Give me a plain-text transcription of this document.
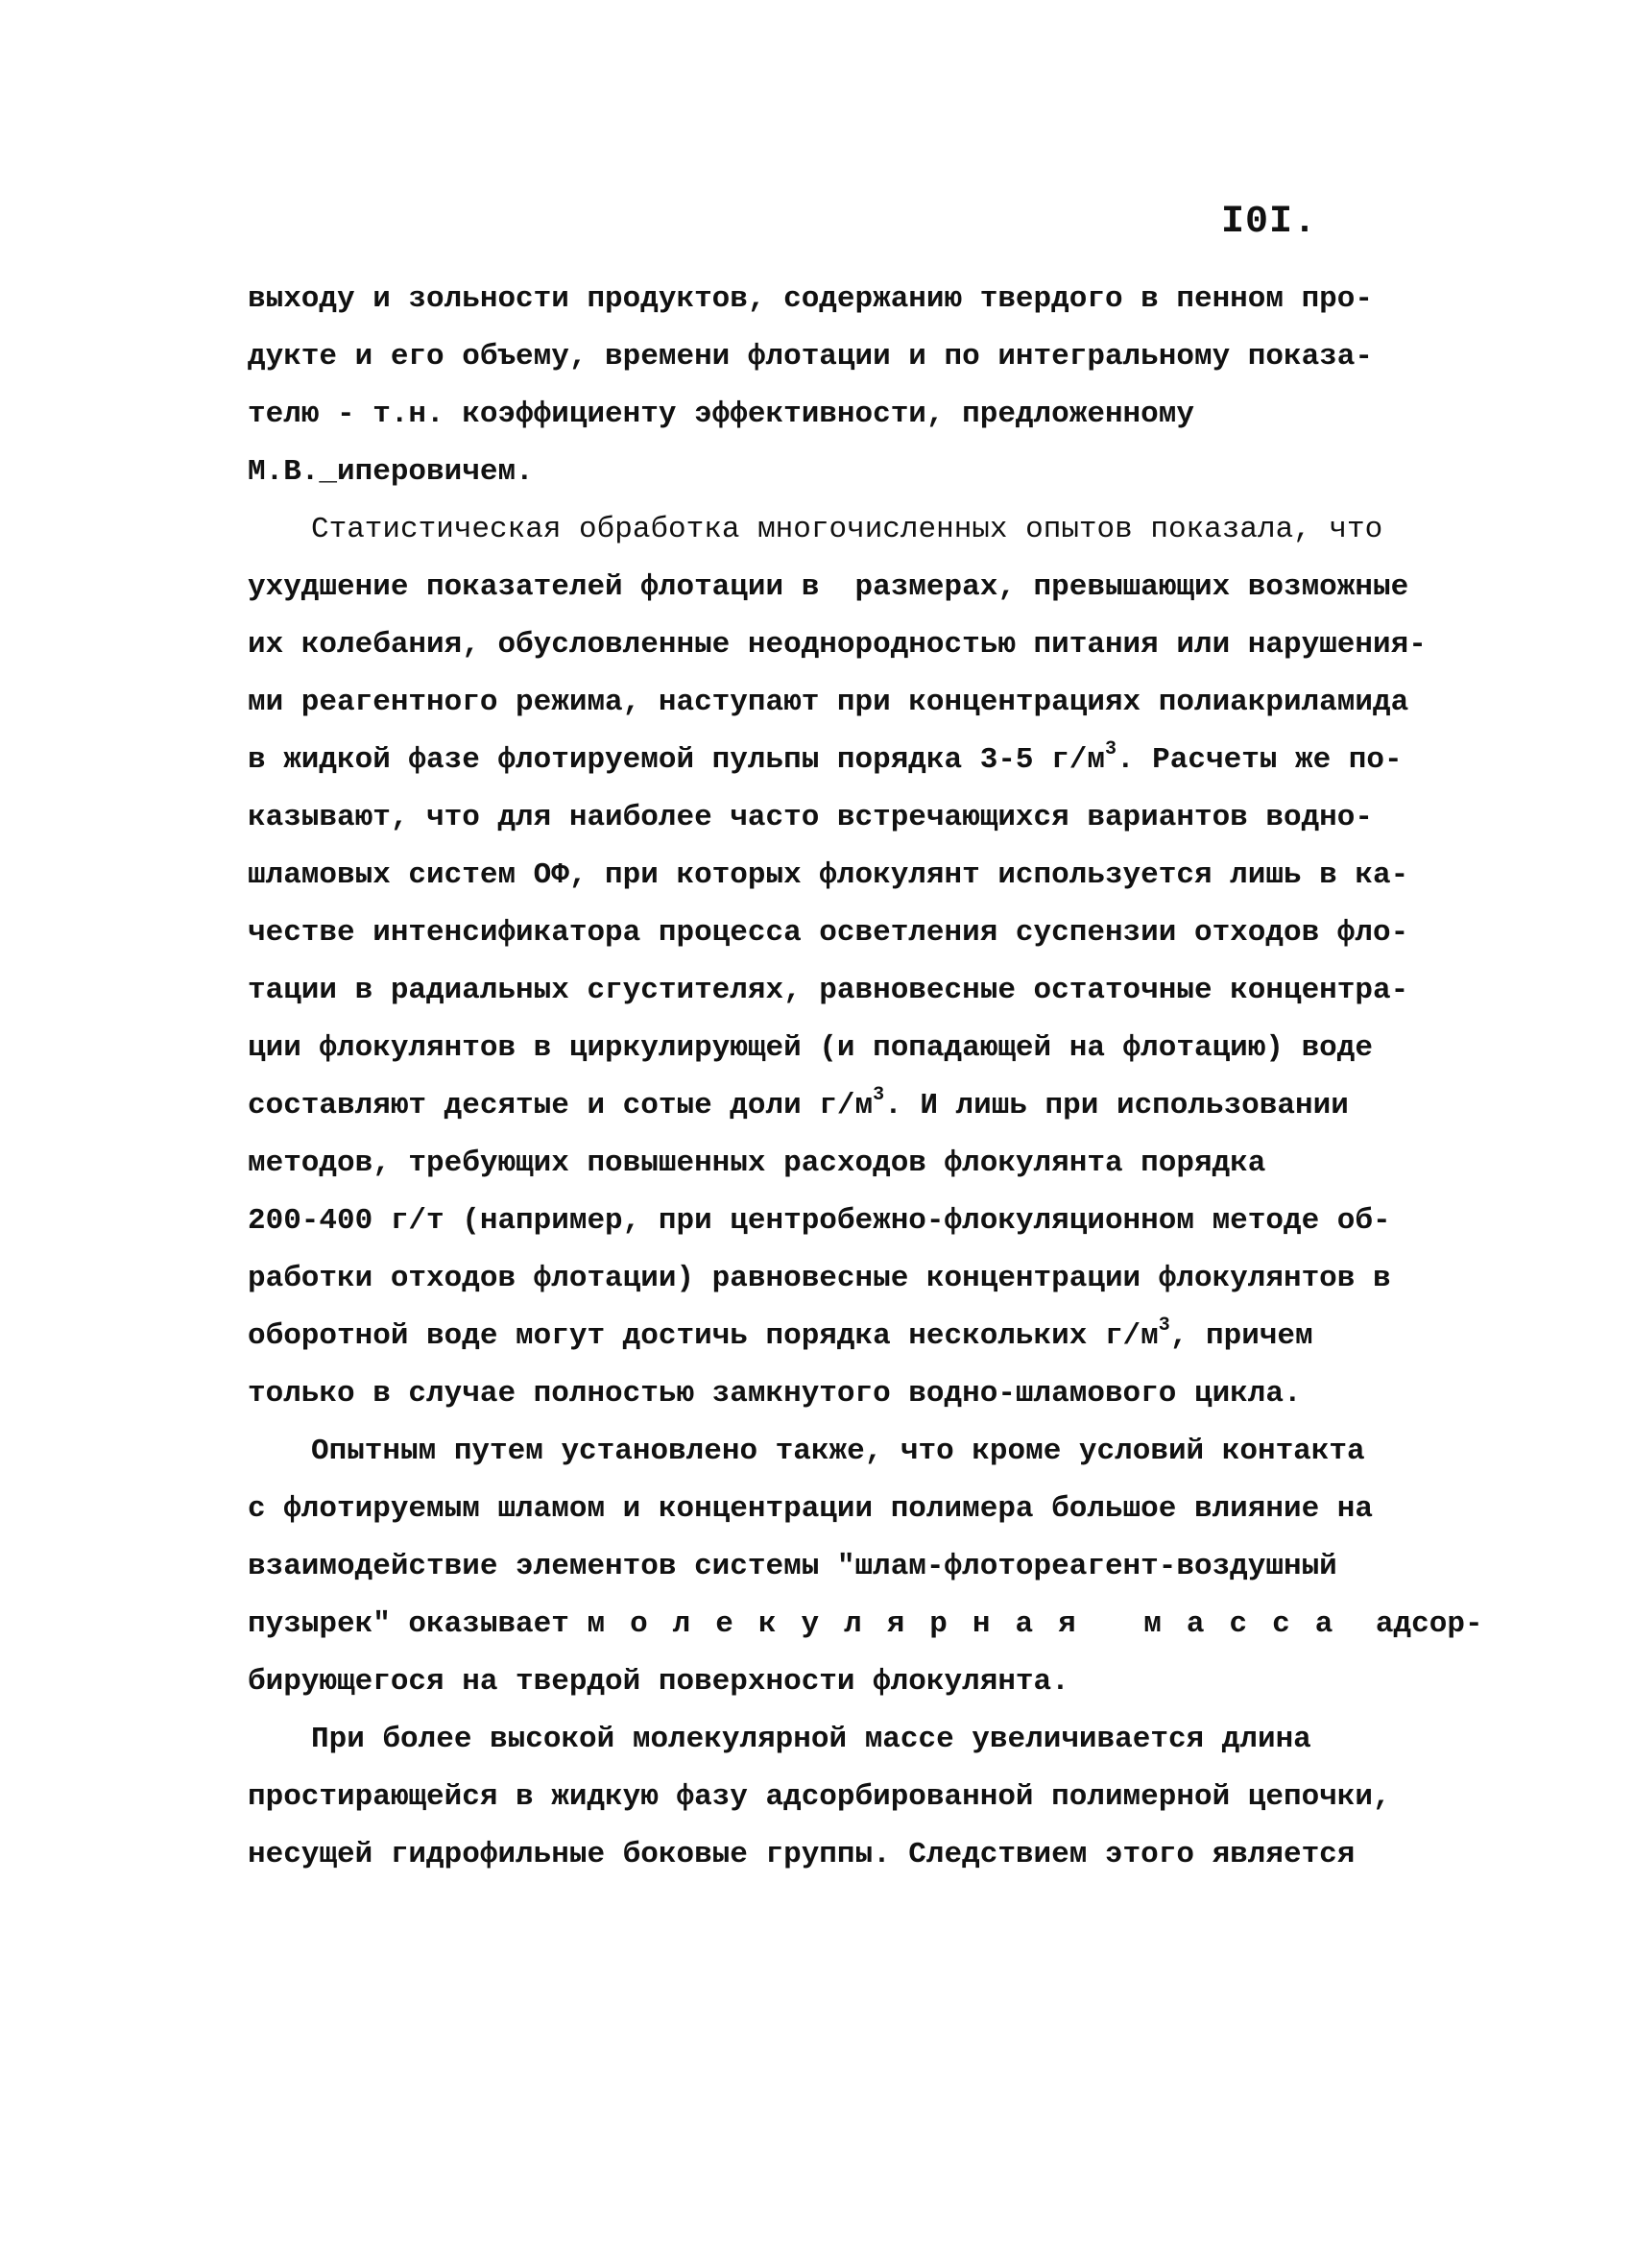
I0I.
выходу и зольности продуктов, содержанию твердого в пенном про-
дукте и его объему, времени флотации и по интегральному показа-
телю - т.н. коэффициенту эффективности, предложенному
М.В._иперовичем.
Статистическая обработка многочисленных опытов показала, что
ухудшение показателей флотации в  размерах, превышающих возможные
их колебания, обусловленные неоднородностью питания или нарушения-
ми реагентного режима, наступают при концентрациях полиакриламида
в жидкой фазе флотируемой пульпы порядка 3-5 $г/м^3$. Расчеты же по-
казывают, что для наиболее часто встречающихся вариантов водно-
шламовых систем ОФ, при которых флокулянт используется лишь в ка-
честве интенсификатора процесса осветления суспензии отходов фло-
тации в радиальных сгустителях, равновесные остаточные концентра-
ции флокулянтов в циркулирующей (и попадающей на флотацию) воде
составляют десятые и сотые доли $г/м^3$. И лишь при использовании
методов, требующих повышенных расходов флокулянта порядка
200-400 г/т (например, при центробежно-флокуляционном методе об-
работки отходов флотации) равновесные концентрации флокулянтов в
оборотной воде могут достичь порядка нескольких $г/м^3$, причем
только в случае полностью замкнутого водно-шламового цикла.
Опытным путем установлено также, что кроме условий контакта
с флотируемым шламом и концентрации полимера большое влияние на
взаимодействие элементов системы "шлам-флотореагент-воздушный
пузырек" оказывает молекулярная масса адсор-
бирующегося на твердой поверхности флокулянта.
При более высокой молекулярной массе увеличивается длина
простирающейся в жидкую фазу адсорбированной полимерной цепочки,
несущей гидрофильные боковые группы. Следствием этого является
